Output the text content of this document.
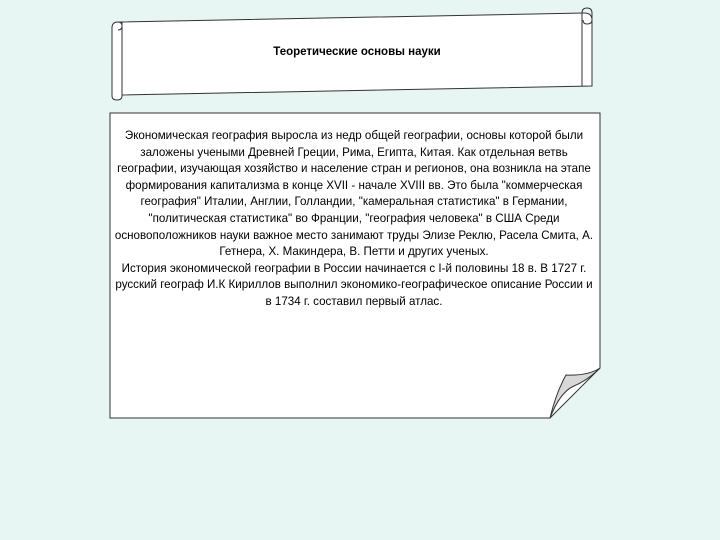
Теоретические основы науки

Экономическая география выросла из недр общей географии, основы которой были заложены учеными Древней Греции, Рима, Египта, Китая. Как отдельная ветвь географии, изучающая хозяйство и население стран и регионов, она возникла на этапе формирования капитализма в конце XVII - начале XVIII вв. Это была "коммерческая география" Италии, Англии, Голландии, "камеральная статистика" в Германии, "политическая статистика" во Франции, "география человека" в США Среди основоположников науки важное место занимают труды Элизе Реклю, Расела Смита, А. Гетнера, Х. Макиндера, В. Петти и других ученых.

История экономической географии в России начинается с I-й половины 18 в. В 1727 г. русский географ И.К Кириллов выполнил экономико-географическое описание России и в 1734 г. составил первый атлас.
